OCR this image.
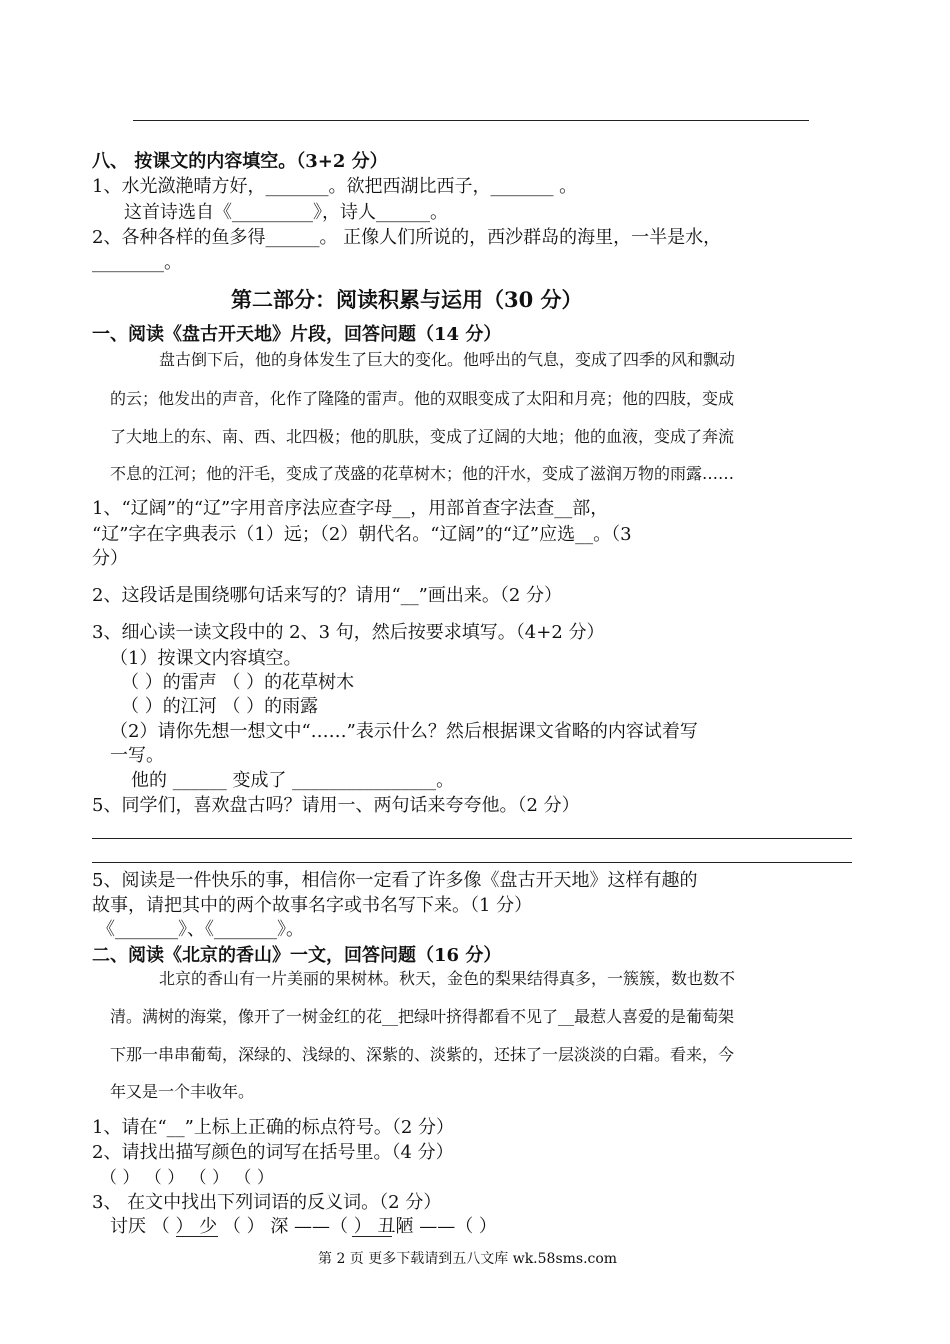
八、 按课文的内容填空。（3+2 分）
1、水光潋滟晴方好，_______。欲把西湖比西子，_______ 。
这首诗选自《_________》，诗人______。
2、各种各样的鱼多得______。 正像人们所说的，西沙群岛的海里，一半是水，
________。
第二部分：阅读积累与运用（30 分）
一、阅读《盘古开天地》片段，回答问题（14 分）
盘古倒下后，他的身体发生了巨大的变化。他呼出的气息，变成了四季的风和飘动
的云；他发出的声音，化作了隆隆的雷声。他的双眼变成了太阳和月亮；他的四肢，变成
了大地上的东、南、西、北四极；他的肌肤，变成了辽阔的大地；他的血液，变成了奔流
不息的江河；他的汗毛，变成了茂盛的花草树木；他的汗水，变成了滋润万物的雨露……
1、“辽阔”的“辽”字用音序法应查字母__，用部首查字法查__部，
“辽”字在字典表示（1）远；（2）朝代名。“辽阔”的“辽”应选__。（3
分）
2、这段话是围绕哪句话来写的？请用“__”画出来。（2 分）
3、细心读一读文段中的 2、3 句，然后按要求填写。（4+2 分）
（1）按课文内容填空。
（ ）的雷声 （ ）的花草树木
（ ）的江河 （ ）的雨露
（2）请你先想一想文中“……”表示什么？然后根据课文省略的内容试着写
一写。
他的 ______ 变成了 ________________。
5、同学们，喜欢盘古吗？请用一、两句话来夸夸他。（2 分）
5、阅读是一件快乐的事，相信你一定看了许多像《盘古开天地》这样有趣的
故事，请把其中的两个故事名字或书名写下来。（1 分）
《_______》、《_______》。
二、阅读《北京的香山》一文，回答问题（16 分）
北京的香山有一片美丽的果树林。秋天，金色的梨果结得真多，一簇簇，数也数不
清。满树的海棠，像开了一树金红的花__把绿叶挤得都看不见了__最惹人喜爱的是葡萄架
下那一串串葡萄，深绿的、浅绿的、深紫的、淡紫的，还抹了一层淡淡的白霜。看来，今
年又是一个丰收年。
1、请在“__”上标上正确的标点符号。（2 分）
2、请找出描写颜色的词写在括号里。（4 分）
（ ） （ ） （ ） （ ）
3、 在文中找出下列词语的反义词。（2 分）
讨厌 （ ） 少 （ ） 深 ——（ ） 丑陋 ——（ ）
第 2 页 更多下载请到五八文库 wk.58sms.com
